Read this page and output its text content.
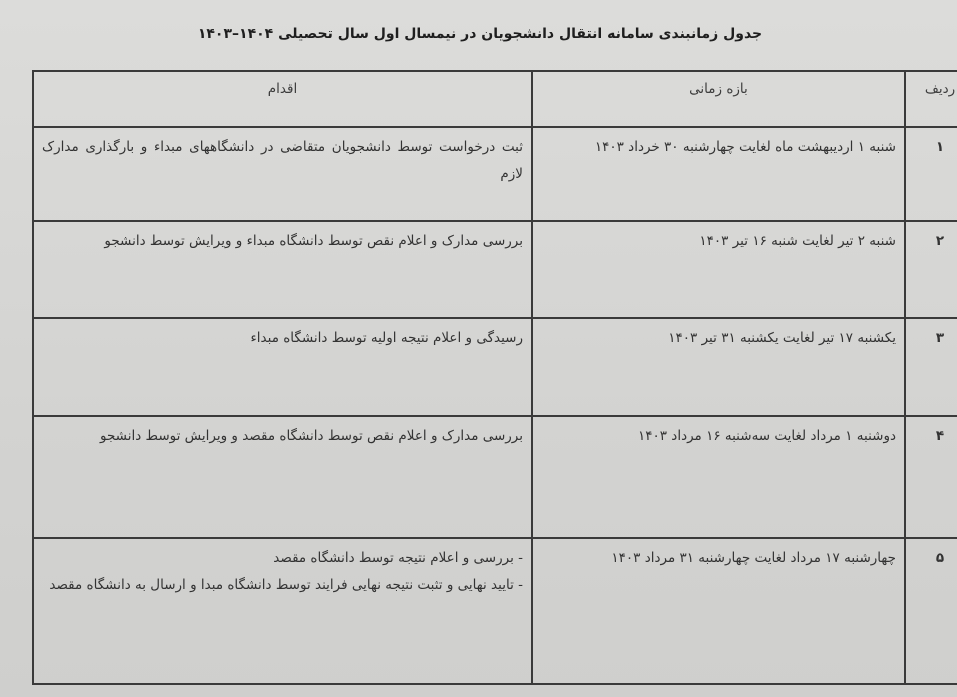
جدول زمانبندی سامانه انتقال دانشجویان در نیمسال اول سال تحصیلی ۱۴۰۴–۱۴۰۳
ردیف	بازه زمانی	اقدام
۱	شنبه ۱ اردیبهشت ماه لغایت چهارشنبه ۳۰ خرداد ۱۴۰۳	ثبت درخواست توسط دانشجویان متقاضی در دانشگاههای مبداء و بارگذاری مدارک لازم
۲	شنبه ۲ تیر لغایت شنبه ۱۶ تیر ۱۴۰۳	بررسی مدارک و اعلام نقص توسط دانشگاه مبداء و ویرایش توسط دانشجو
۳	یکشنبه ۱۷ تیر لغایت یکشنبه ۳۱ تیر ۱۴۰۳	رسیدگی و اعلام نتیجه اولیه توسط دانشگاه مبداء
۴	دوشنبه ۱ مرداد لغایت سه‌شنبه ۱۶ مرداد ۱۴۰۳	بررسی مدارک و اعلام نقص توسط دانشگاه مقصد و ویرایش توسط دانشجو
۵	چهارشنبه ۱۷ مرداد لغایت چهارشنبه ۳۱ مرداد ۱۴۰۳	- بررسی و اعلام نتیجه توسط دانشگاه مقصد
- تایید نهایی و تثبت نتیجه نهایی فرایند توسط دانشگاه مبدا و ارسال به دانشگاه مقصد
